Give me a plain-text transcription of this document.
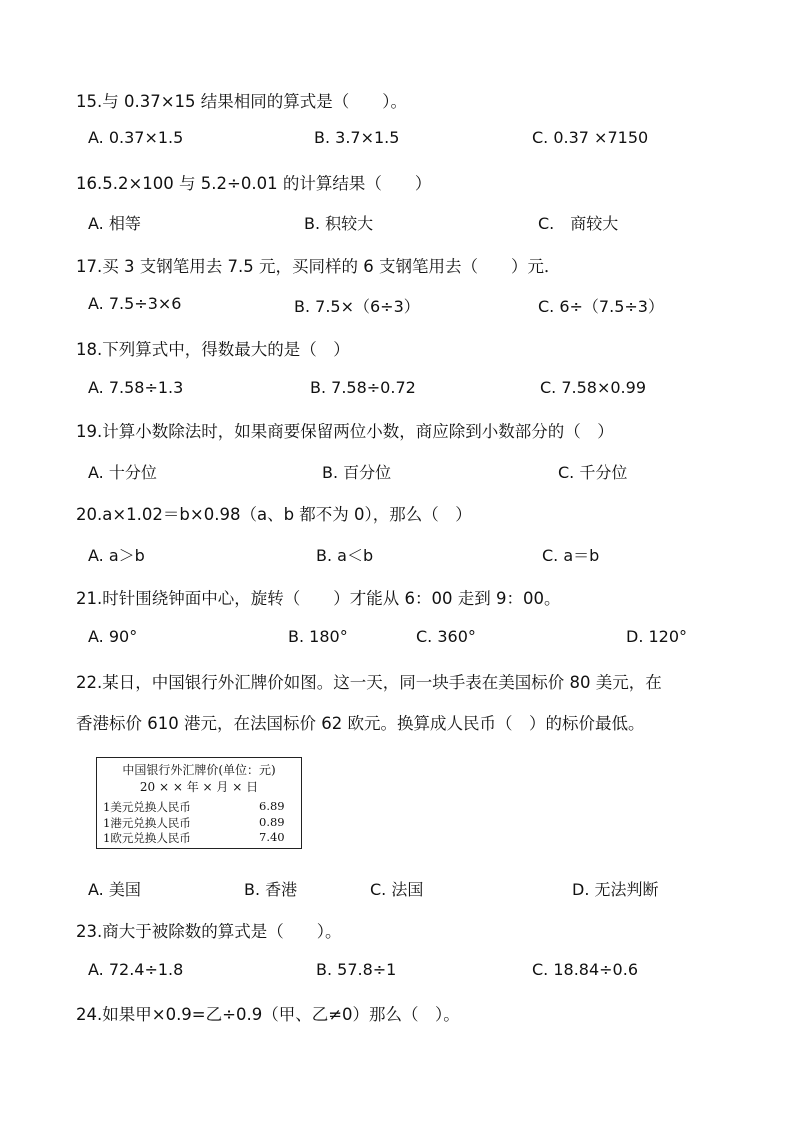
15.与 0.37×15 结果相同的算式是（　　）。
A. 0.37×1.5	B. 3.7×1.5	C. 0.37 ×7150
16.5.2×100 与 5.2÷0.01 的计算结果（　　）
A. 相等	B. 积较大	C.　商较大
17.买 3 支钢笔用去 7.5 元，买同样的 6 支钢笔用去（　　）元．
A. 7.5÷3×6	B. 7.5×（6÷3）	C. 6÷（7.5÷3）
18.下列算式中，得数最大的是（　）
A. 7.58÷1.3	B. 7.58÷0.72	C. 7.58×0.99
19.计算小数除法时，如果商要保留两位小数，商应除到小数部分的（　）
A. 十分位	B. 百分位	C. 千分位
20.a×1.02＝b×0.98（a、b 都不为 0），那么（　）
A. a＞b	B. a＜b	C. a＝b
21.时针围绕钟面中心，旋转（　　）才能从 6：00 走到 9：00。
A. 90°	B. 180°	C. 360°	D. 120°
22.某日，中国银行外汇牌价如图。这一天，同一块手表在美国标价 80 美元，在
香港标价 610 港元，在法国标价 62 欧元。换算成人民币（　）的标价最低。
中国银行外汇牌价(单位：元)
20 × × 年 × 月 × 日
1美元兑换人民币	6.89
1港元兑换人民币	0.89
1欧元兑换人民币	7.40
A. 美国	B. 香港	C. 法国	D. 无法判断
23.商大于被除数的算式是（　　）。
A. 72.4÷1.8	B. 57.8÷1	C. 18.84÷0.6
24.如果甲×0.9=乙÷0.9（甲、乙≠0）那么（　）。
